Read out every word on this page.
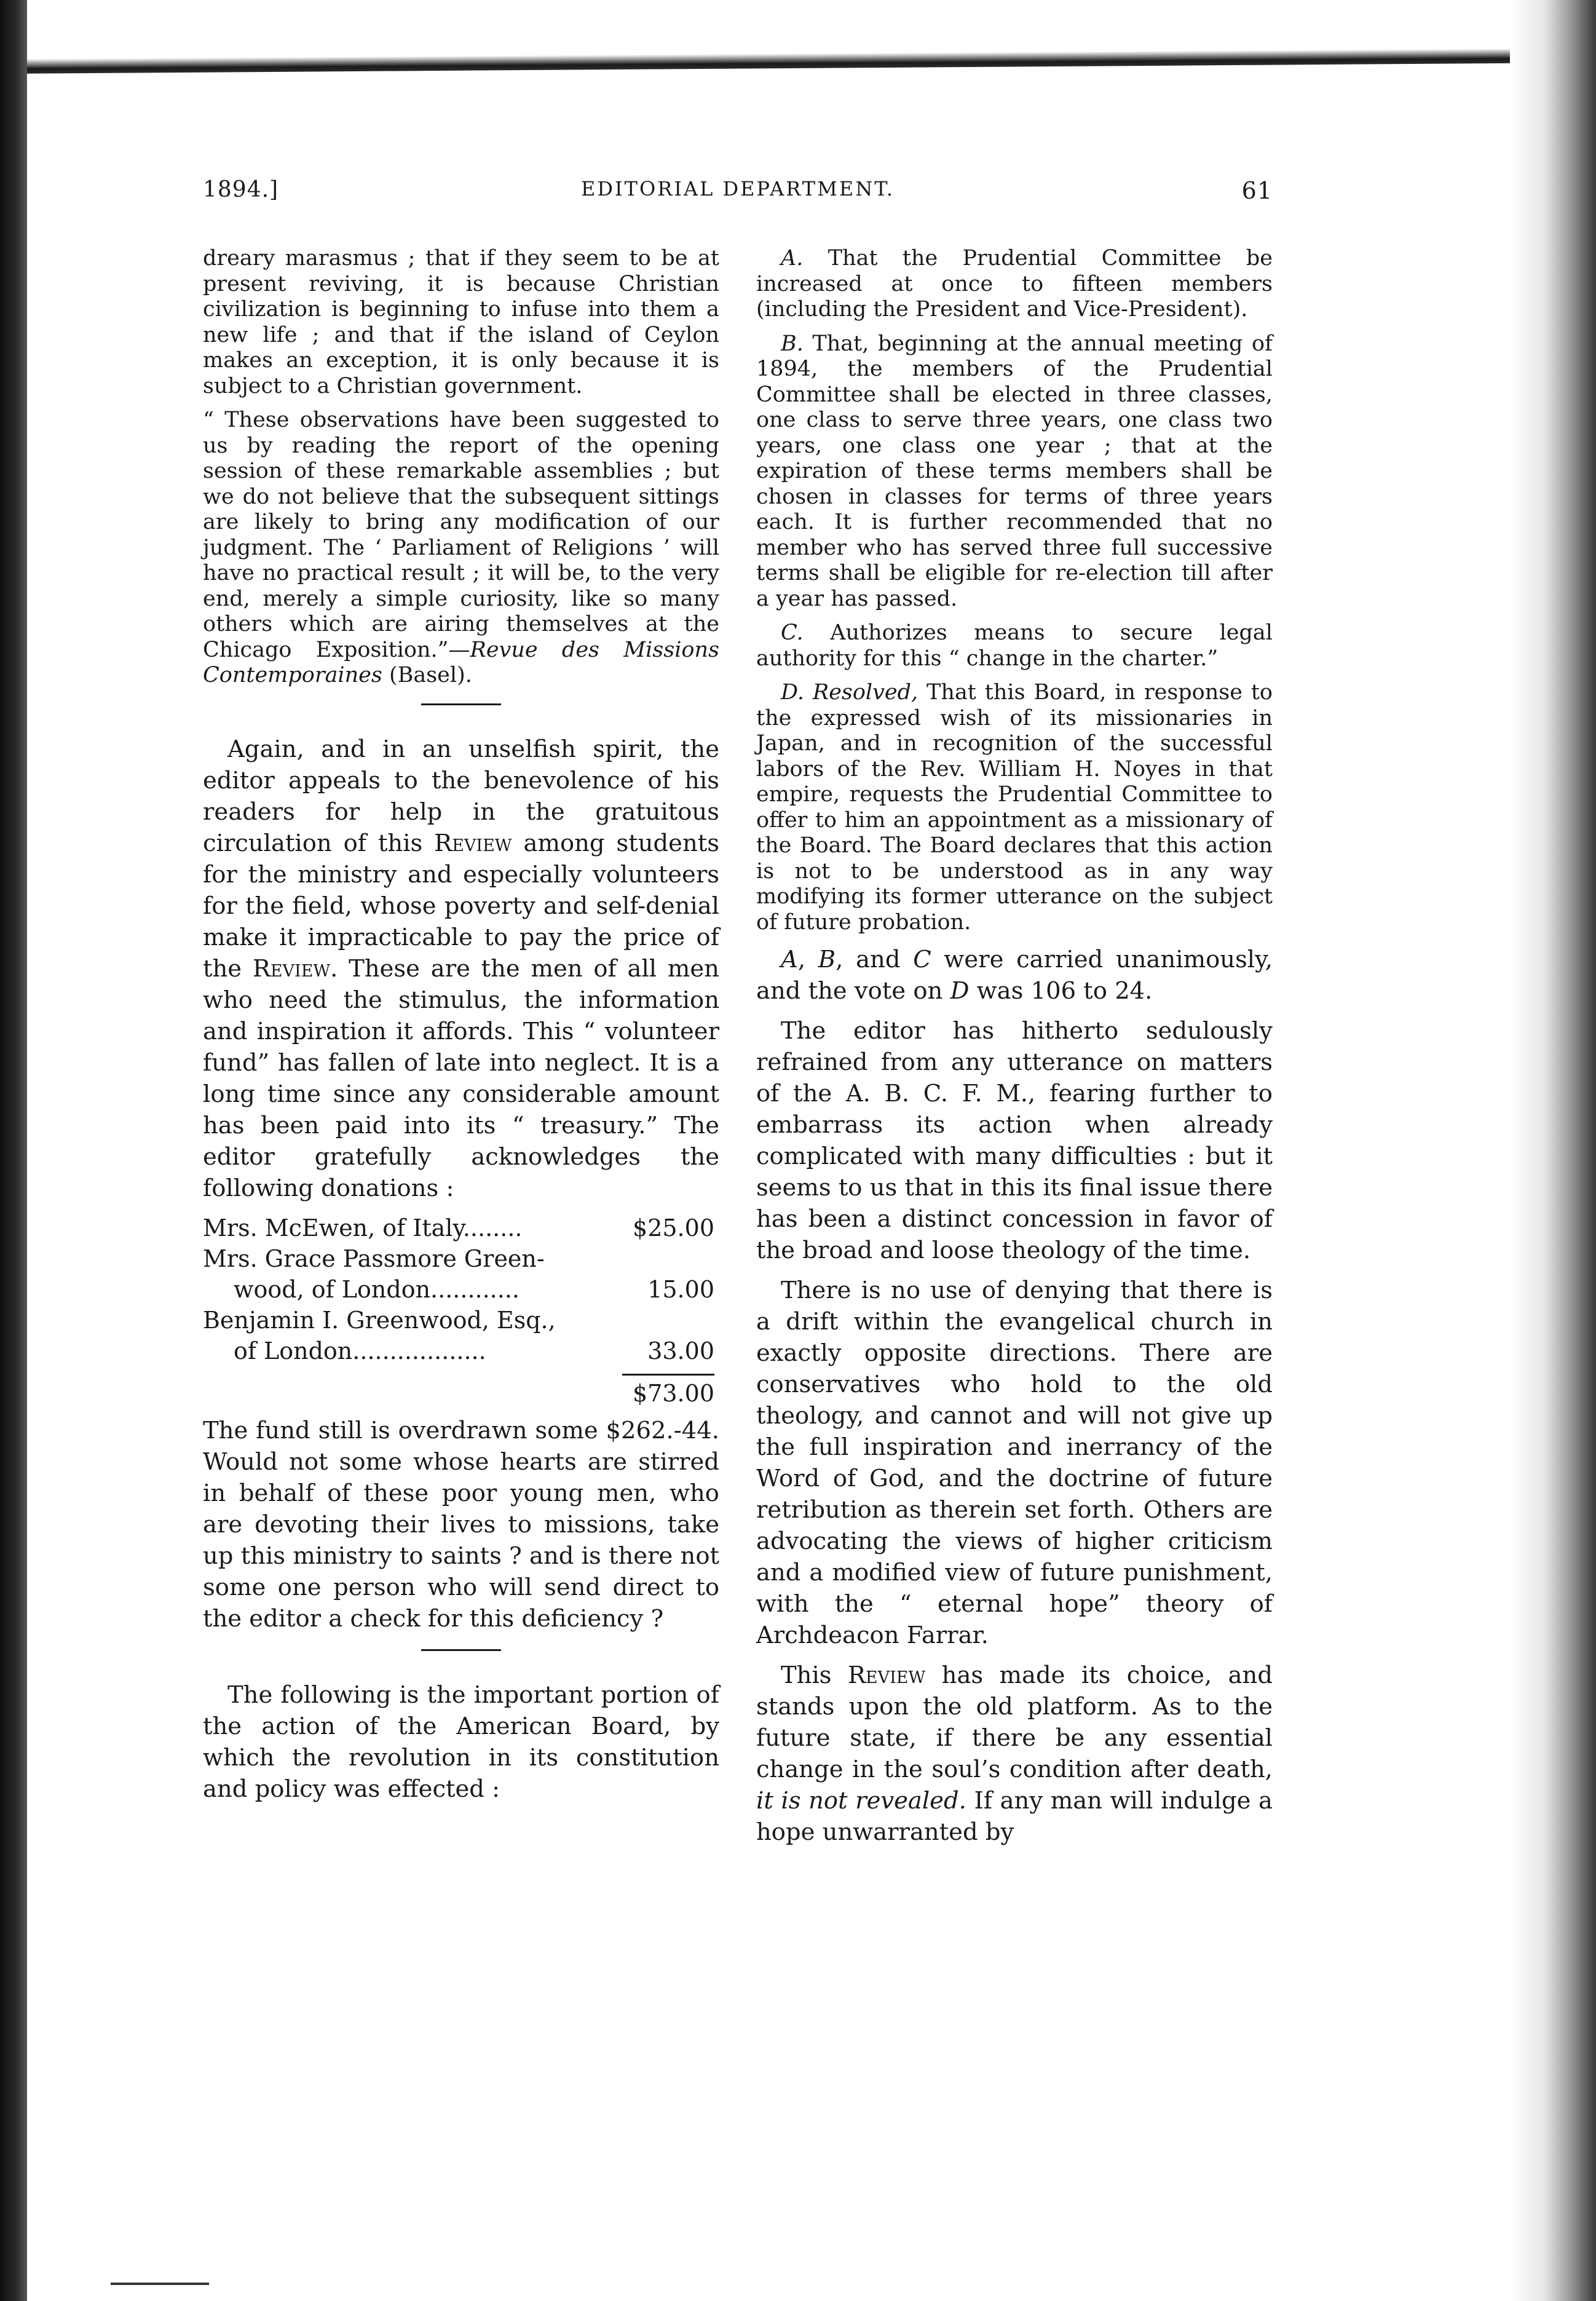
1894.]	EDITORIAL DEPARTMENT.	61

dreary marasmus ; that if they seem to be at present reviving, it is because Christian civilization is beginning to infuse into them a new life ; and that if the island of Ceylon makes an exception, it is only because it is subject to a Christian government.

“ These observations have been suggested to us by reading the report of the opening session of these remarkable assemblies ; but we do not believe that the subsequent sittings are likely to bring any modification of our judgment. The ‘ Parliament of Religions ’ will have no practical result ; it will be, to the very end, merely a simple curiosity, like so many others which are airing themselves at the Chicago Exposition.”—Revue des Missions Contemporaines (Basel).

Again, and in an unselfish spirit, the editor appeals to the benevolence of his readers for help in the gratuitous circulation of this Review among students for the ministry and especially volunteers for the field, whose poverty and self-denial make it impracticable to pay the price of the Review. These are the men of all men who need the stimulus, the information and inspiration it affords. This “ volunteer fund” has fallen of late into neglect. It is a long time since any considerable amount has been paid into its “ treasury.” The editor gratefully acknowledges the following donations :

Mrs. McEwen, of Italy........	$25.00
Mrs. Grace Passmore Green-
wood, of London............	15.00
Benjamin I. Greenwood, Esq.,
of London..................	33.00
$73.00

The fund still is overdrawn some $262.-44. Would not some whose hearts are stirred in behalf of these poor young men, who are devoting their lives to missions, take up this ministry to saints ? and is there not some one person who will send direct to the editor a check for this deficiency ?

The following is the important portion of the action of the American Board, by which the revolution in its constitution and policy was effected :

A. That the Prudential Committee be increased at once to fifteen members (including the President and Vice-President).

B. That, beginning at the annual meeting of 1894, the members of the Prudential Committee shall be elected in three classes, one class to serve three years, one class two years, one class one year ; that at the expiration of these terms members shall be chosen in classes for terms of three years each. It is further recommended that no member who has served three full successive terms shall be eligible for re-election till after a year has passed.

C. Authorizes means to secure legal authority for this “ change in the charter.”

D. Resolved, That this Board, in response to the expressed wish of its missionaries in Japan, and in recognition of the successful labors of the Rev. William H. Noyes in that empire, requests the Prudential Committee to offer to him an appointment as a missionary of the Board. The Board declares that this action is not to be understood as in any way modifying its former utterance on the subject of future probation.

A, B, and C were carried unanimously, and the vote on D was 106 to 24.

The editor has hitherto sedulously refrained from any utterance on matters of the A. B. C. F. M., fearing further to embarrass its action when already complicated with many difficulties : but it seems to us that in this its final issue there has been a distinct concession in favor of the broad and loose theology of the time.

There is no use of denying that there is a drift within the evangelical church in exactly opposite directions. There are conservatives who hold to the old theology, and cannot and will not give up the full inspiration and inerrancy of the Word of God, and the doctrine of future retribution as therein set forth. Others are advocating the views of higher criticism and a modified view of future punishment, with the “ eternal hope” theory of Archdeacon Farrar.

This Review has made its choice, and stands upon the old platform. As to the future state, if there be any essential change in the soul’s condition after death, it is not revealed. If any man will indulge a hope unwarranted by
